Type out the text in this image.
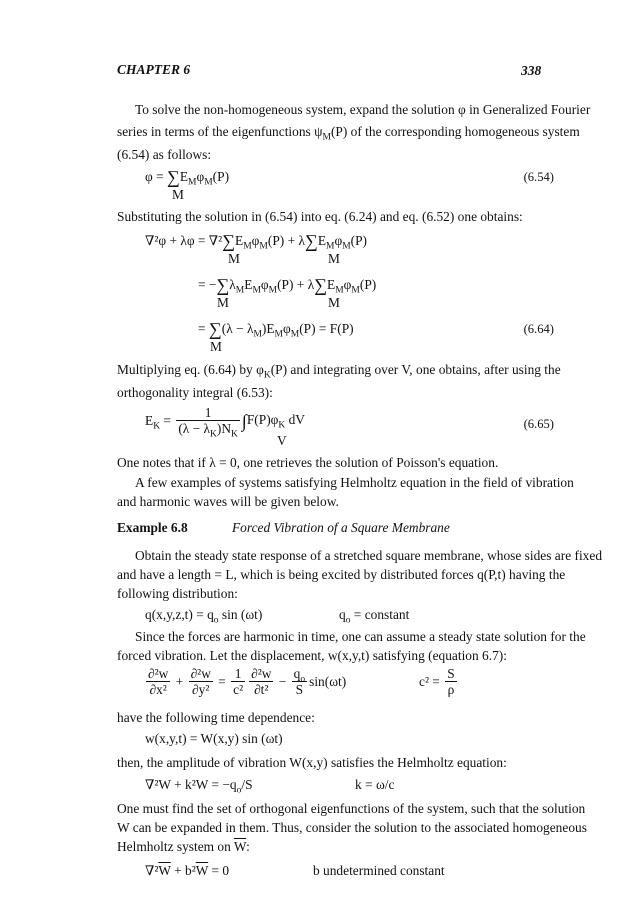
CHAPTER 6	338
To solve the non-homogeneous system, expand the solution φ in Generalized Fourier
series in terms of the eigenfunctions $\psi_M(P)$ of the corresponding homogeneous system
(6.54) as follows:
$\varphi = \sum E_M\varphi_M(P)$
M
(6.54)
Substituting the solution in (6.54) into eq. (6.24) and eq. (6.52) one obtains:
$\nabla^2\varphi + \lambda\varphi = \nabla^2\sum E_M\varphi_M(P) + \lambda\sum E_M\varphi_M(P)$
M	M
= $-\sum\lambda_ME_M\varphi_M(P) + \lambda\sum E_M\varphi_M(P)$
M	M
= $\sum(\lambda - \lambda_M)E_M\varphi_M(P) = F(P)$
M
(6.64)
Multiplying eq. (6.64) by $\varphi_K(P)$ and integrating over V, one obtains, after using the
orthogonality integral (6.53):
$E_K = \frac{1}{(\lambda - \lambda_K)N_K} \int F(P)\varphi_K$ dV
V
(6.65)
One notes that if λ = 0, one retrieves the solution of Poisson's equation.
A few examples of systems satisfying Helmholtz equation in the field of vibration
and harmonic waves will be given below.
Example 6.8	Forced Vibration of a Square Membrane
Obtain the steady state response of a stretched square membrane, whose sides are fixed
and have a length = L, which is being excited by distributed forces q(P,t) having the
following distribution:
$q(x,y,z,t) = q_o$ sin (ωt)	$q_o$ = constant
Since the forces are harmonic in time, one can assume a steady state solution for the
forced vibration. Let the displacement, w(x,y,t) satisfying (equation 6.7):
$\frac{\text{∂²w}}{\text{∂x²}} + \frac{\text{∂²w}}{\text{∂y²}} = \frac{1}{\text{c²}} \frac{\text{∂²w}}{\text{∂t²}} - \frac{q_o}{S} \sin(\omega t)$	$c^2 = \frac{S}{\rho}$
have the following time dependence:
w(x,y,t) = W(x,y) sin (ωt)
then, the amplitude of vibration W(x,y) satisfies the Helmholtz equation:
$\nabla^2W + k^2W = -q_o/S$	k = ω/c
One must find the set of orthogonal eigenfunctions of the system, such that the solution
W can be expanded in them. Thus, consider the solution to the associated homogeneous
Helmholtz system on $\overline{W}$:
$\nabla^2\overline{W} + b^2\overline{W} = 0$	b undetermined constant
